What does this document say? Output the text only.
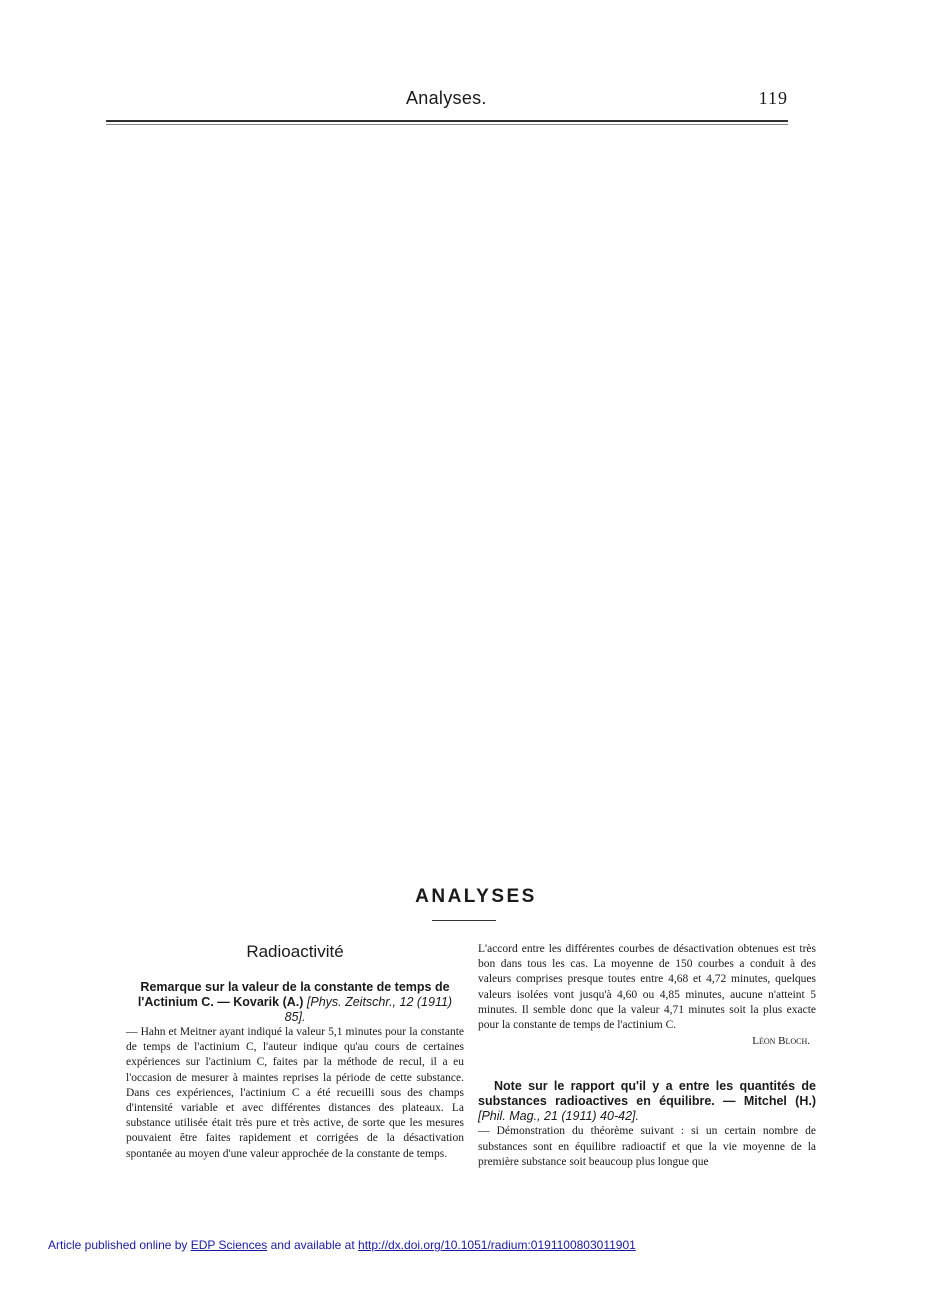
Analyses.	119
ANALYSES
Radioactivité

Remarque sur la valeur de la constante de temps de l'Actinium C. — Kovarik (A.) [Phys. Zeitschr., 12 (1911) 85].

— Hahn et Meitner ayant indiqué la valeur 5,1 minutes pour la constante de temps de l'actinium C, l'auteur indique qu'au cours de certaines expériences sur l'actinium C, faites par la méthode de recul, il a eu l'occasion de mesurer à maintes reprises la période de cette substance. Dans ces expériences, l'actinium C a été recueilli sous des champs d'intensité variable et avec différentes distances des plateaux. La substance utilisée était très pure et très active, de sorte que les mesures pouvaient être faites rapidement et corrigées de la désactivation spontanée au moyen d'une valeur approchée de la constante de temps.

L'accord entre les différentes courbes de désactivation obtenues est très bon dans tous les cas. La moyenne de 150 courbes a conduit à des valeurs comprises presque toutes entre 4,68 et 4,72 minutes, quelques valeurs isolées vont jusqu'à 4,60 ou 4,85 minutes, aucune n'atteint 5 minutes. Il semble donc que la valeur 4,71 minutes soit la plus exacte pour la constante de temps de l'actinium C.

Léon Bloch.

Note sur le rapport qu'il y a entre les quantités de substances radioactives en équilibre. — Mitchel (H.) [Phil. Mag., 21 (1911) 40-42].

— Démonstration du théorème suivant : si un certain nombre de substances sont en équilibre radioactif et que la vie moyenne de la première substance soit beaucoup plus longue que

Article published online by EDP Sciences and available at http://dx.doi.org/10.1051/radium:0191100803011901
